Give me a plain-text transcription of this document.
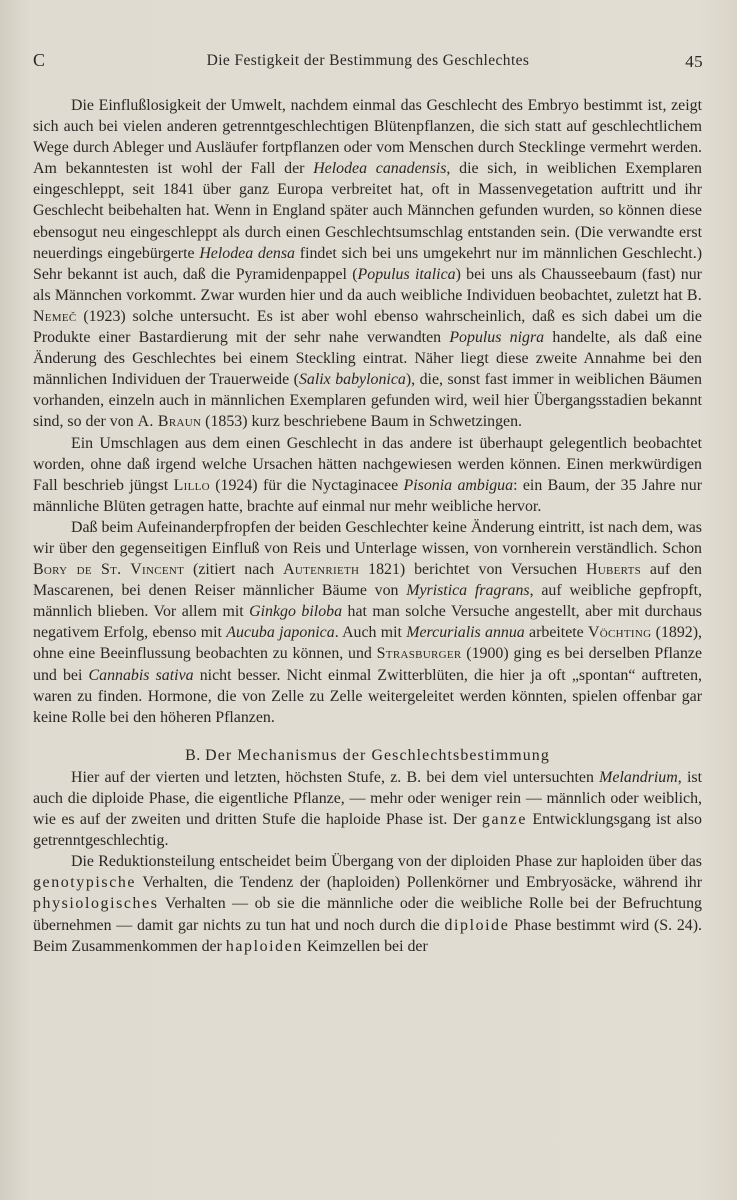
C	Die Festigkeit der Bestimmung des Geschlechtes	45

Die Einflußlosigkeit der Umwelt, nachdem einmal das Geschlecht des Embryo bestimmt ist, zeigt sich auch bei vielen anderen getrenntgeschlechtigen Blütenpflanzen, die sich statt auf geschlechtlichem Wege durch Ableger und Ausläufer fortpflanzen oder vom Menschen durch Stecklinge vermehrt werden. Am bekanntesten ist wohl der Fall der Helodea canadensis, die sich, in weiblichen Exemplaren eingeschleppt, seit 1841 über ganz Europa verbreitet hat, oft in Massenvegetation auftritt und ihr Geschlecht beibehalten hat. Wenn in England später auch Männchen gefunden wurden, so können diese ebensogut neu eingeschleppt als durch einen Geschlechtsumschlag entstanden sein. (Die verwandte erst neuerdings eingebürgerte Helodea densa findet sich bei uns umgekehrt nur im männlichen Geschlecht.) Sehr bekannt ist auch, daß die Pyramidenpappel (Populus italica) bei uns als Chausseebaum (fast) nur als Männchen vorkommt. Zwar wurden hier und da auch weibliche Individuen beobachtet, zuletzt hat B. Nemeč (1923) solche untersucht. Es ist aber wohl ebenso wahrscheinlich, daß es sich dabei um die Produkte einer Bastardierung mit der sehr nahe verwandten Populus nigra handelte, als daß eine Änderung des Geschlechtes bei einem Steckling eintrat. Näher liegt diese zweite Annahme bei den männlichen Individuen der Trauerweide (Salix babylonica), die, sonst fast immer in weiblichen Bäumen vorhanden, einzeln auch in männlichen Exemplaren gefunden wird, weil hier Übergangsstadien bekannt sind, so der von A. Braun (1853) kurz beschriebene Baum in Schwetzingen.

Ein Umschlagen aus dem einen Geschlecht in das andere ist überhaupt gelegentlich beobachtet worden, ohne daß irgend welche Ursachen hätten nachgewiesen werden können. Einen merkwürdigen Fall beschrieb jüngst Lillo (1924) für die Nyctaginacee Pisonia ambigua: ein Baum, der 35 Jahre nur männliche Blüten getragen hatte, brachte auf einmal nur mehr weibliche hervor.

Daß beim Aufeinanderpfropfen der beiden Geschlechter keine Änderung eintritt, ist nach dem, was wir über den gegenseitigen Einfluß von Reis und Unterlage wissen, von vornherein verständlich. Schon Bory de St. Vincent (zitiert nach Autenrieth 1821) berichtet von Versuchen Huberts auf den Mascarenen, bei denen Reiser männlicher Bäume von Myristica fragrans, auf weibliche gepfropft, männlich blieben. Vor allem mit Ginkgo biloba hat man solche Versuche angestellt, aber mit durchaus negativem Erfolg, ebenso mit Aucuba japonica. Auch mit Mercurialis annua arbeitete Vöchting (1892), ohne eine Beeinflussung beobachten zu können, und Strasburger (1900) ging es bei derselben Pflanze und bei Cannabis sativa nicht besser. Nicht einmal Zwitterblüten, die hier ja oft „spontan“ auftreten, waren zu finden. Hormone, die von Zelle zu Zelle weitergeleitet werden könnten, spielen offenbar gar keine Rolle bei den höheren Pflanzen.

B. Der Mechanismus der Geschlechtsbestimmung

Hier auf der vierten und letzten, höchsten Stufe, z. B. bei dem viel untersuchten Melandrium, ist auch die diploide Phase, die eigentliche Pflanze, — mehr oder weniger rein — männlich oder weiblich, wie es auf der zweiten und dritten Stufe die haploide Phase ist. Der ganze Entwicklungsgang ist also getrenntgeschlechtig.

Die Reduktionsteilung entscheidet beim Übergang von der diploiden Phase zur haploiden über das genotypische Verhalten, die Tendenz der (haploiden) Pollenkörner und Embryosäcke, während ihr physiologisches Verhalten — ob sie die männliche oder die weibliche Rolle bei der Befruchtung übernehmen — damit gar nichts zu tun hat und noch durch die diploide Phase bestimmt wird (S. 24). Beim Zusammenkommen der haploiden Keimzellen bei der
